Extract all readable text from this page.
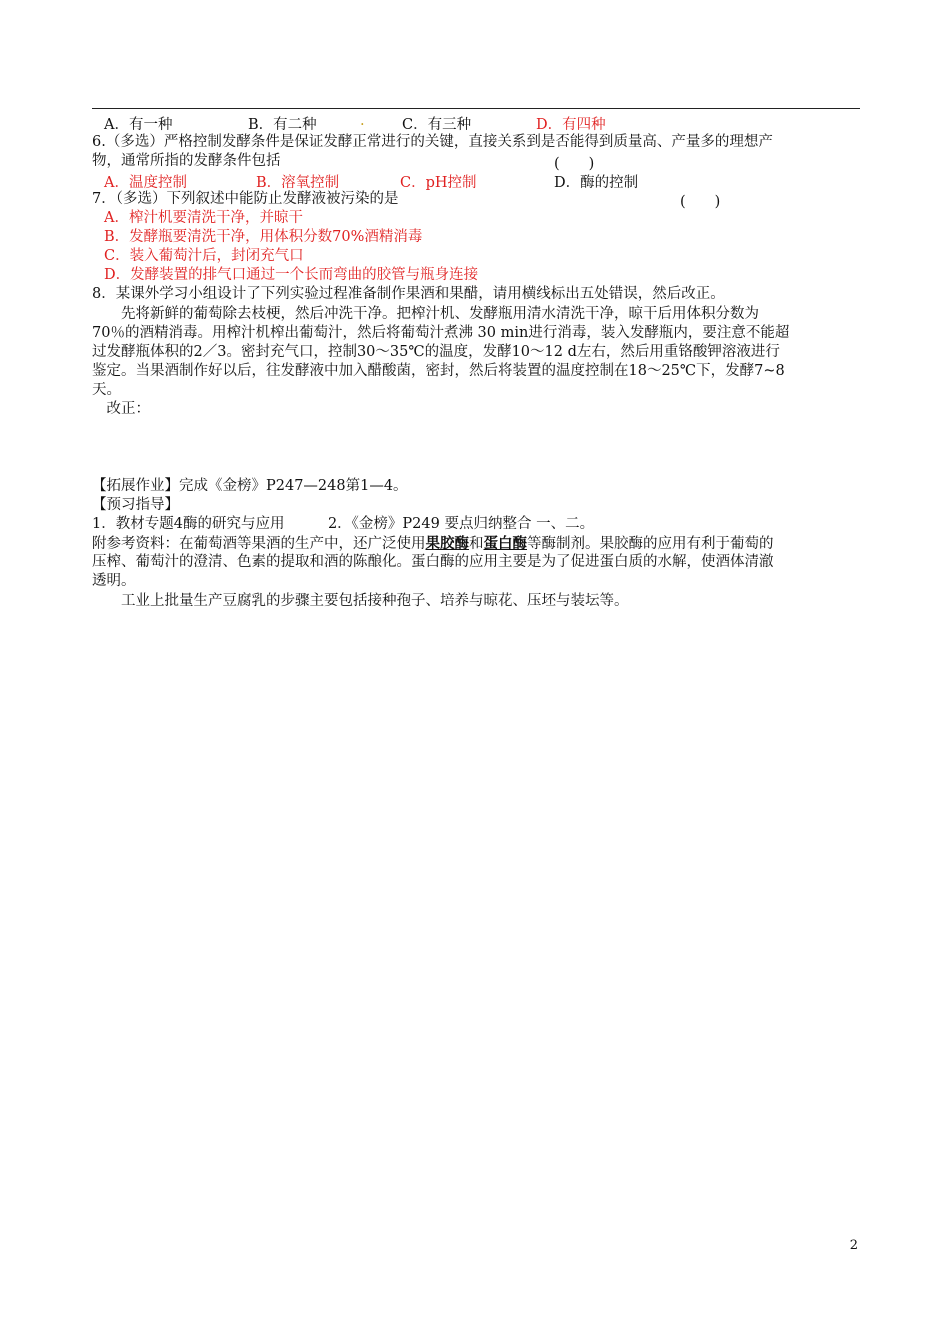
A．有一种	B．有二种	.	C．有三种	D．有四种
6.（多选）严格控制发酵条件是保证发酵正常进行的关键，直接关系到是否能得到质量高、产量多的理想产
物，通常所指的发酵条件包括	(　　)
A．温度控制	B．溶氧控制	C．pH控制	D．酶的控制
7．（多选）下列叙述中能防止发酵液被污染的是	(　　)
A．榨汁机要清洗干净，并晾干
B．发酵瓶要清洗干净，用体积分数70%酒精消毒
C．装入葡萄汁后，封闭充气口
D．发酵装置的排气口通过一个长而弯曲的胶管与瓶身连接
8．某课外学习小组设计了下列实验过程准备制作果酒和果醋，请用横线标出五处错误，然后改正。
　　先将新鲜的葡萄除去枝梗，然后冲洗干净。把榨汁机、发酵瓶用清水清洗干净，晾干后用体积分数为
70％的酒精消毒。用榨汁机榨出葡萄汁，然后将葡萄汁煮沸 30 min进行消毒，装入发酵瓶内，要注意不能超
过发酵瓶体积的2／3。密封充气口，控制30～35℃的温度，发酵10～12 d左右，然后用重铬酸钾溶液进行
鉴定。当果酒制作好以后，往发酵液中加入醋酸菌，密封，然后将装置的温度控制在18～25℃下，发酵7~8
天。
　改正：
【拓展作业】完成《金榜》P247—248第1—4。
【预习指导】
1．教材专题4酶的研究与应用　　　2．《金榜》P249 要点归纳整合 一、二。
附参考资料：在葡萄酒等果酒的生产中，还广泛使用果胶酶和蛋白酶等酶制剂。果胶酶的应用有利于葡萄的
压榨、葡萄汁的澄清、色素的提取和酒的陈酿化。蛋白酶的应用主要是为了促进蛋白质的水解，使酒体清澈
透明。
　　工业上批量生产豆腐乳的步骤主要包括接种孢子、培养与晾花、压坯与装坛等。
2
